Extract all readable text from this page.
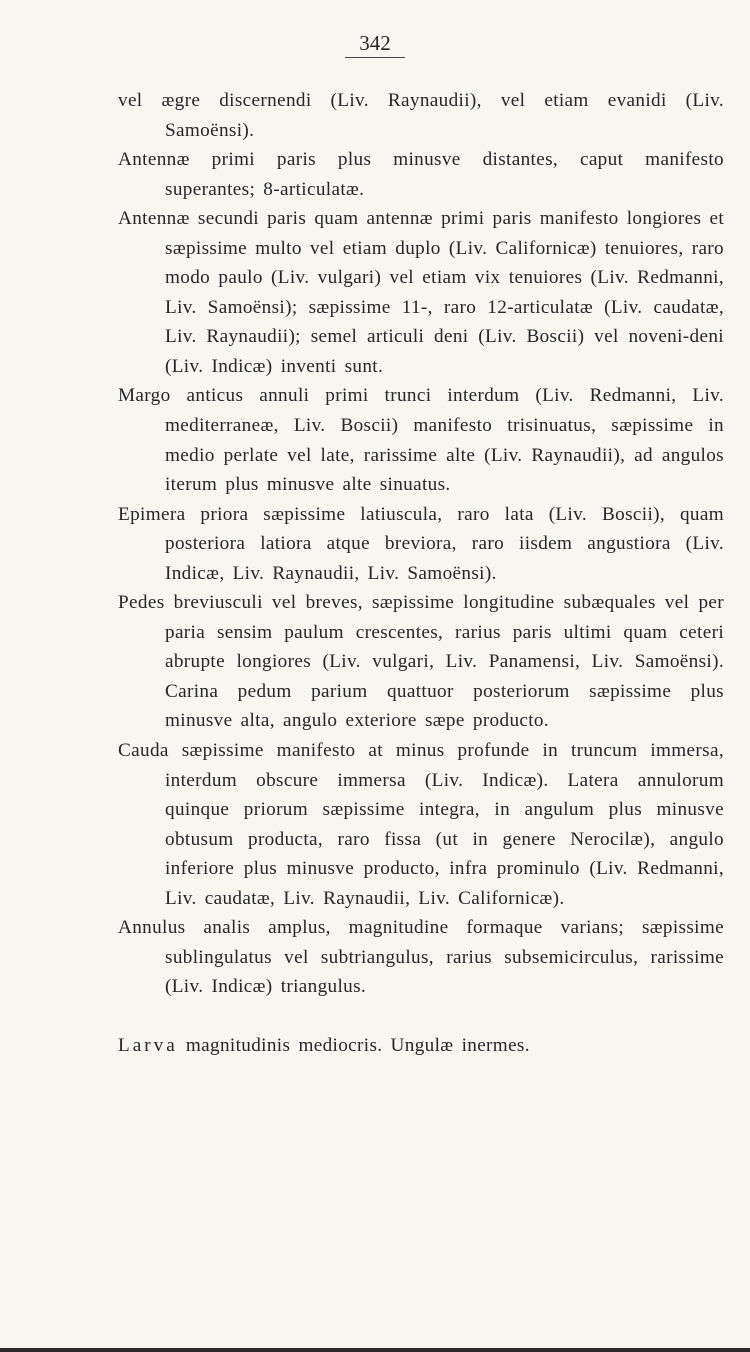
342

vel ægre discernendi (Liv. Raynaudii), vel etiam evanidi (Liv. Samoënsi).

Antennæ primi paris plus minusve distantes, caput manifesto superantes; 8-articulatæ.

Antennæ secundi paris quam antennæ primi paris manifesto longiores et sæpissime multo vel etiam duplo (Liv. Californicæ) tenuiores, raro modo paulo (Liv. vulgari) vel etiam vix tenuiores (Liv. Redmanni, Liv. Samoënsi); sæpissime 11-, raro 12-articulatæ (Liv. caudatæ, Liv. Raynaudii); semel articuli deni (Liv. Boscii) vel noveni-deni (Liv. Indicæ) inventi sunt.

Margo anticus annuli primi trunci interdum (Liv. Redmanni, Liv. mediterraneæ, Liv. Boscii) manifesto trisinuatus, sæpissime in medio perlate vel late, rarissime alte (Liv. Raynaudii), ad angulos iterum plus minusve alte sinuatus.

Epimera priora sæpissime latiuscula, raro lata (Liv. Boscii), quam posteriora latiora atque breviora, raro iisdem angustiora (Liv. Indicæ, Liv. Raynaudii, Liv. Samoënsi).

Pedes breviusculi vel breves, sæpissime longitudine subæquales vel per paria sensim paulum crescentes, rarius paris ultimi quam ceteri abrupte longiores (Liv. vulgari, Liv. Panamensi, Liv. Samoënsi). Carina pedum parium quattuor posteriorum sæpissime plus minusve alta, angulo exteriore sæpe producto.

Cauda sæpissime manifesto at minus profunde in truncum immersa, interdum obscure immersa (Liv. Indicæ). Latera annulorum quinque priorum sæpissime integra, in angulum plus minusve obtusum producta, raro fissa (ut in genere Nerocilæ), angulo inferiore plus minusve producto, infra prominulo (Liv. Redmanni, Liv. caudatæ, Liv. Raynaudii, Liv. Californicæ).

Annulus analis amplus, magnitudine formaque varians; sæpissime sublingulatus vel subtriangulus, rarius subsemicirculus, rarissime (Liv. Indicæ) triangulus.

Larva magnitudinis mediocris. Ungulæ inermes.
